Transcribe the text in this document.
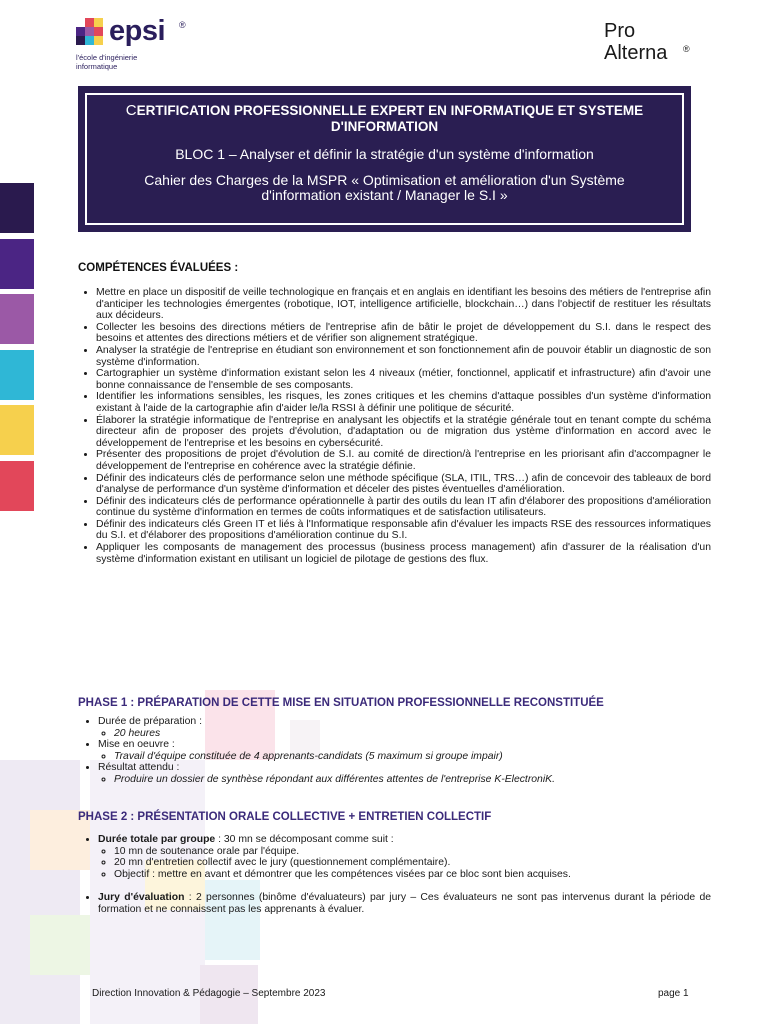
epsi ®
l'école d'ingénierie informatique
Pro
Alterna	®
CERTIFICATION PROFESSIONNELLE EXPERT EN INFORMATIQUE ET SYSTEME D'INFORMATION
BLOC 1 – Analyser et définir la stratégie d'un système d'information
Cahier des Charges de la MSPR « Optimisation et amélioration d'un Système d'information existant / Manager le S.I »
COMPÉTENCES ÉVALUÉES :
• Mettre en place un dispositif de veille technologique en français et en anglais en identifiant les besoins des métiers de l'entreprise afin d'anticiper les technologies émergentes (robotique, IOT, intelligence artificielle, blockchain…) dans l'objectif de restituer les résultats aux décideurs.
• Collecter les besoins des directions métiers de l'entreprise afin de bâtir le projet de développement du S.I. dans le respect des besoins et attentes des directions métiers et de vérifier son alignement stratégique.
• Analyser la stratégie de l'entreprise en étudiant son environnement et son fonctionnement afin de pouvoir établir un diagnostic de son système d'information.
• Cartographier un système d'information existant selon les 4 niveaux (métier, fonctionnel, applicatif et infrastructure) afin d'avoir une bonne connaissance de l'ensemble de ses composants.
• Identifier les informations sensibles, les risques, les zones critiques et les chemins d'attaque possibles d'un système d'information existant à l'aide de la cartographie afin d'aider le/la RSSI à définir une politique de sécurité.
• Élaborer la stratégie informatique de l'entreprise en analysant les objectifs et la stratégie générale tout en tenant compte du schéma directeur afin de proposer des projets d'évolution, d'adaptation ou de migration dus ystème d'information en accord avec le développement de l'entreprise et les besoins en cybersécurité.
• Présenter des propositions de projet d'évolution de S.I. au comité de direction/à l'entreprise en les priorisant afin d'accompagner le développement de l'entreprise en cohérence avec la stratégie définie.
• Définir des indicateurs clés de performance selon une méthode spécifique (SLA, ITIL, TRS…) afin de concevoir des tableaux de bord d'analyse de performance d'un système d'information et déceler des pistes éventuelles d'amélioration.
• Définir des indicateurs clés de performance opérationnelle à partir des outils du lean IT afin d'élaborer des propositions d'amélioration continue du système d'information en termes de coûts informatiques et de satisfaction utilisateurs.
• Définir des indicateurs clés Green IT et liés à l'Informatique responsable afin d'évaluer les impacts RSE des ressources informatiques du S.I. et d'élaborer des propositions d'amélioration continue du S.I.
• Appliquer les composants de management des processus (business process management) afin d'assurer de la réalisation d'un système d'information existant en utilisant un logiciel de pilotage de gestions des flux.
PHASE 1 : PRÉPARATION DE CETTE MISE EN SITUATION PROFESSIONNELLE RECONSTITUÉE
• Durée de préparation :
◦ 20 heures
• Mise en oeuvre :
◦ Travail d'équipe constituée de 4 apprenants-candidats (5 maximum si groupe impair)
• Résultat attendu :
◦ Produire un dossier de synthèse répondant aux différentes attentes de l'entreprise K-ElectroniK.
PHASE 2 : PRÉSENTATION ORALE COLLECTIVE + ENTRETIEN COLLECTIF
• Durée totale par groupe : 30 mn se décomposant comme suit :
◦ 10 mn de soutenance orale par l'équipe.
◦ 20 mn d'entretien collectif avec le jury (questionnement complémentaire).
◦ Objectif : mettre en avant et démontrer que les compétences visées par ce bloc sont bien acquises.
• Jury d'évaluation : 2 personnes (binôme d'évaluateurs) par jury – Ces évaluateurs ne sont pas intervenus durant la période de formation et ne connaissent pas les apprenants à évaluer.
Direction Innovation & Pédagogie – Septembre 2023	page 1
